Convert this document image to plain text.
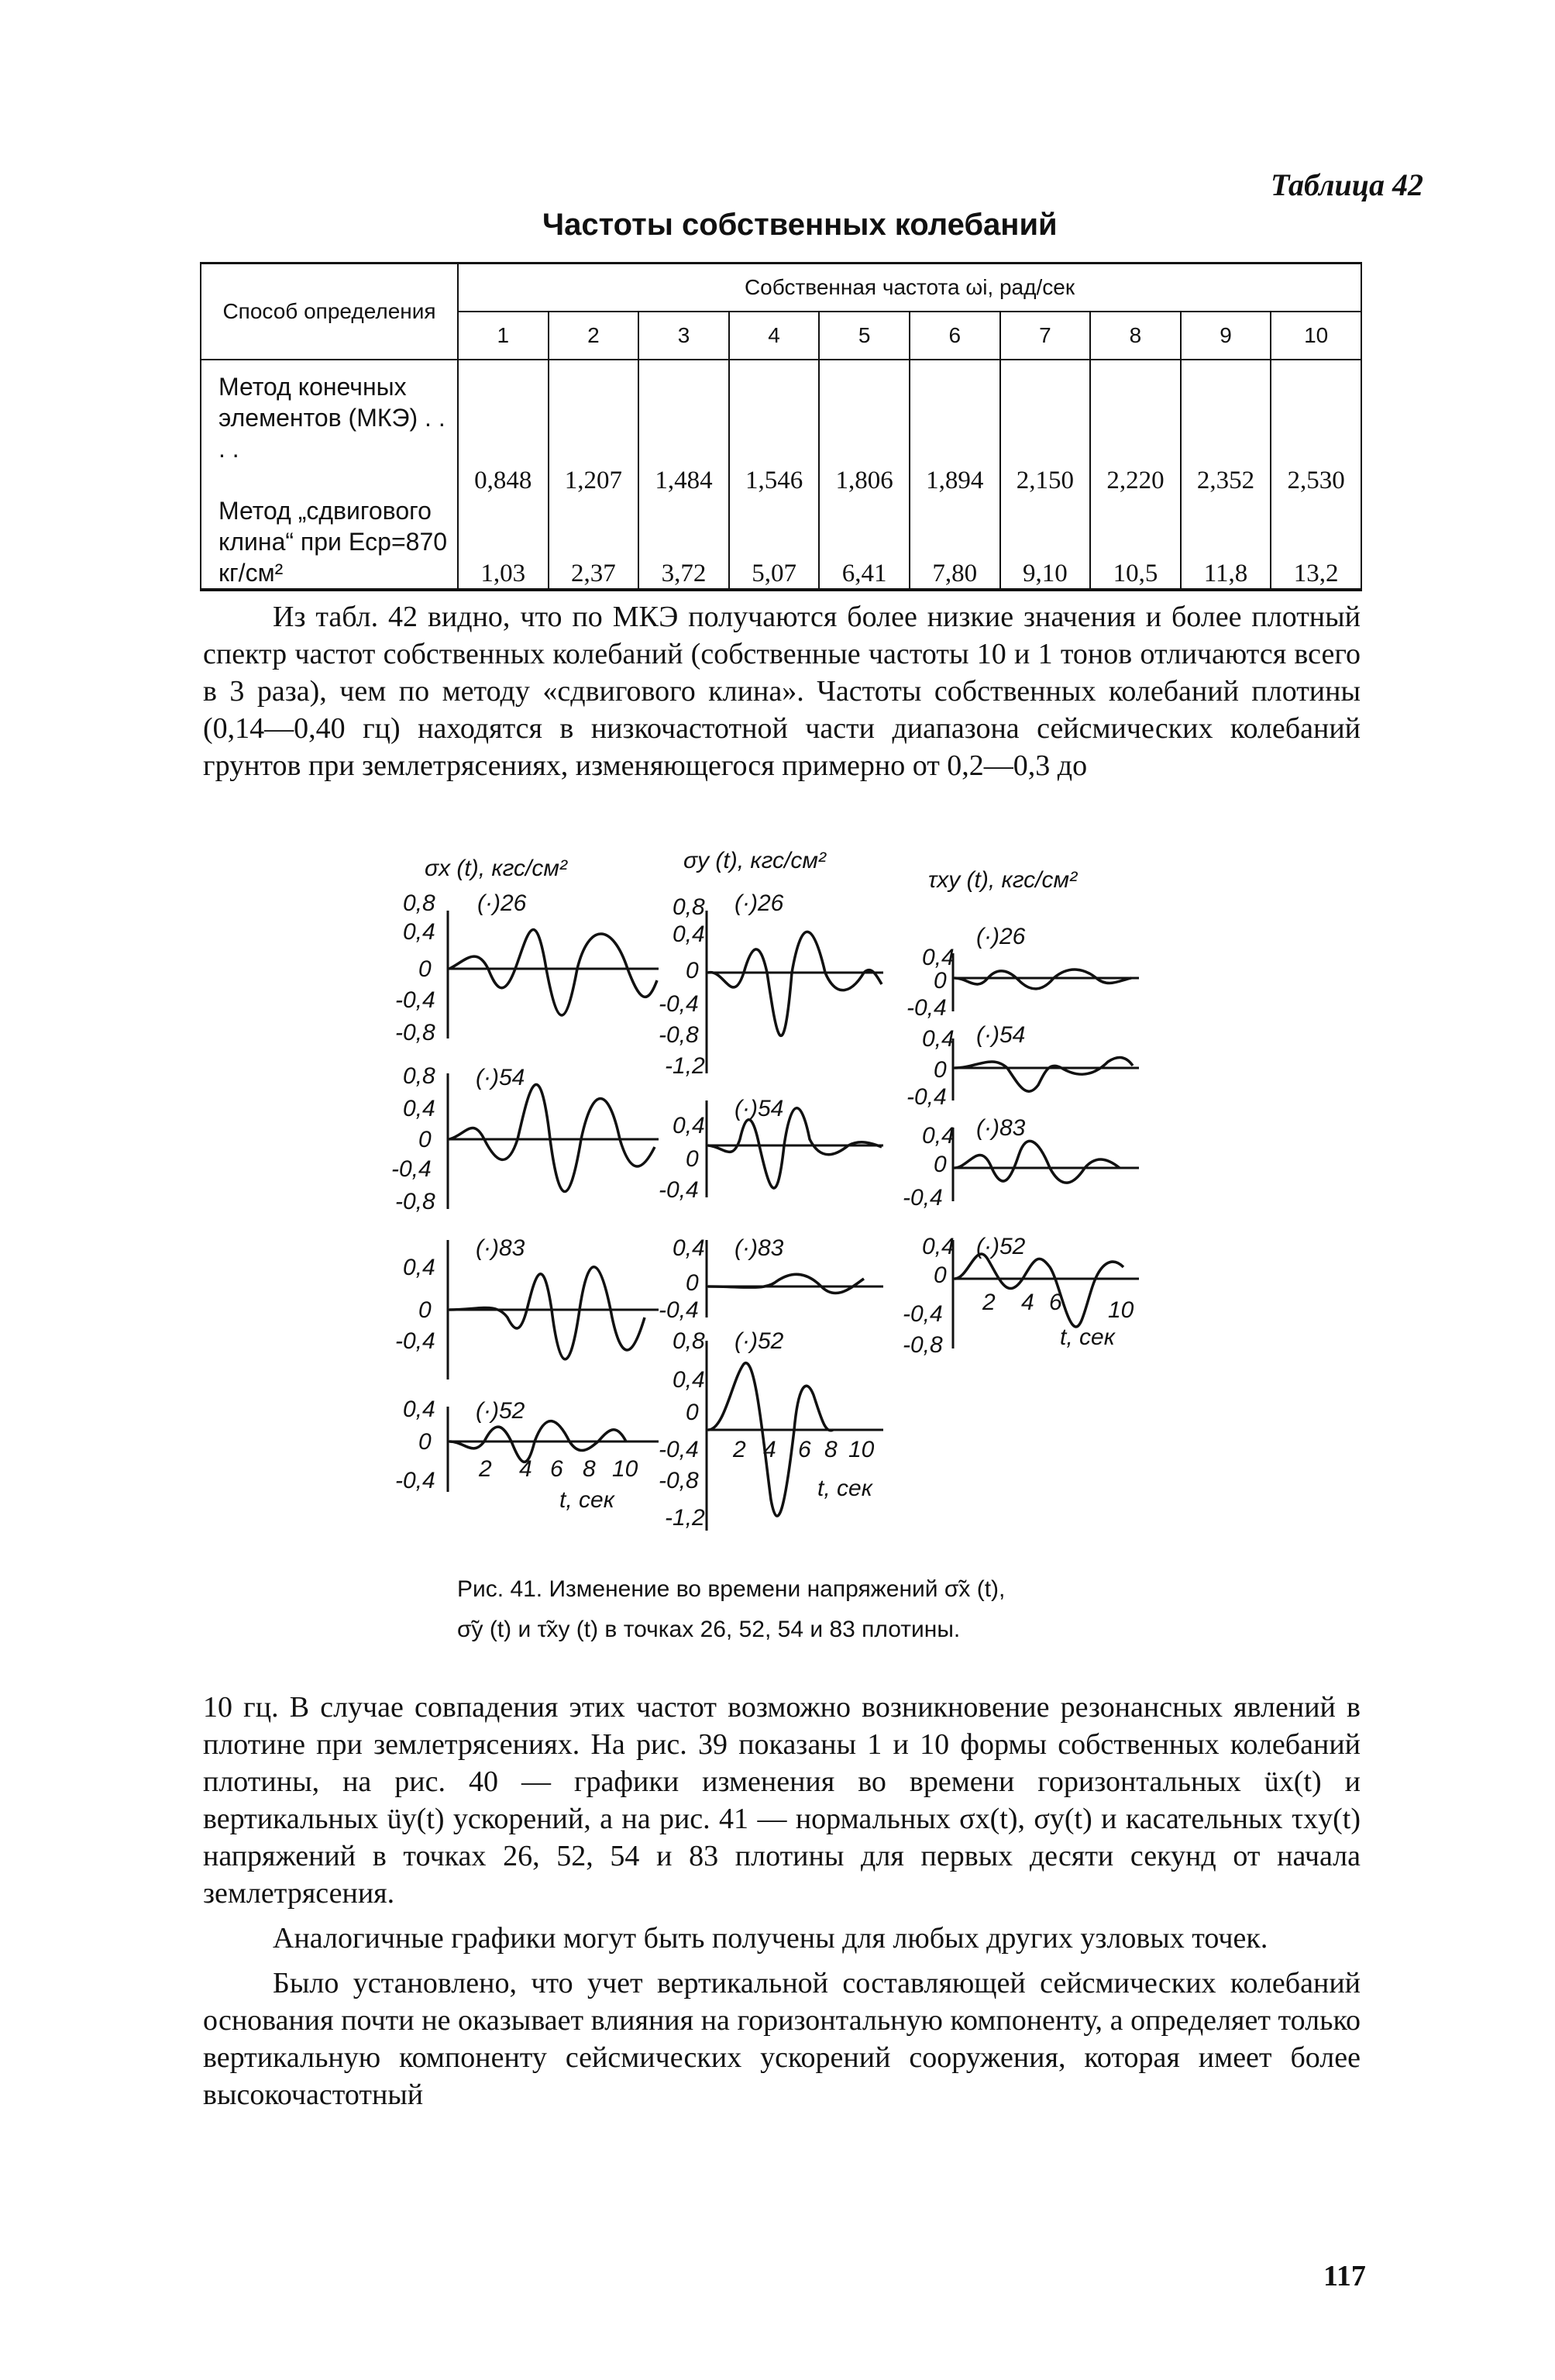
Таблица 42
Частоты собственных колебаний
Способ определения	Собственная частота ωi, рад/сек									
	1	2	3	4	5	6	7	8	9	10
Метод конечных элементов (МКЭ) . . . .	0,848	1,207	1,484	1,546	1,806	1,894	2,150	2,220	2,352	2,530
Метод „сдвигового клина“ при Eср=870 кг/см²	1,03	2,37	3,72	5,07	6,41	7,80	9,10	10,5	11,8	13,2

Из табл. 42 видно, что по МКЭ получаются более низкие значения и более плотный спектр частот собственных колебаний (собственные частоты 10 и 1 тонов отличаются всего в 3 раза), чем по методу «сдвигового клина». Частоты собственных колебаний плотины (0,14—0,40 гц) находятся в низкочастотной части диапазона сейсмических колебаний грунтов при землетрясениях, изменяющегося примерно от 0,2—0,3 до

σx (t), кгс/см²	σy (t), кгс/см²
τxy (t), кгс/см²
(·)26
(·)54
(·)83
(·)52
(·)26
(·)54
(·)83
(·)52
(·)26
(·)54
(·)83
(·)52
0,8
0,4
0
-0,4
-0,8
0,8
0,4
0
-0,4
-0,8
0,4
0
-0,4
0,4
0
-0,4
0,8
0,4
0
-0,4
-0,8
-1,2
0,4
0
-0,4
0,4
0
-0,4
0,8
0,4
0
-0,4
-0,8
-1,2
0,4
0
-0,4
0,4
0
-0,4
0,4
0
-0,4
0,4
0
-0,4
-0,8
2 4 6 8 10
t, сек
2 4 6 8 10
t, сек
2 4 6 10
t, сек
Рис. 41. Изменение во времени напряжений σ̃x (t),
σ̃y (t) и τ̃xy (t) в точках 26, 52, 54 и 83 плотины.

10 гц. В случае совпадения этих частот возможно возникновение резонансных явлений в плотине при землетрясениях. На рис. 39 показаны 1 и 10 формы собственных колебаний плотины, на рис. 40 — графики изменения во времени горизонтальных üx(t) и вертикальных üy(t) ускорений, а на рис. 41 — нормальных σx(t), σy(t) и касательных τxy(t) напряжений в точках 26, 52, 54 и 83 плотины для первых десяти секунд от начала землетрясения.

Аналогичные графики могут быть получены для любых других узловых точек.

Было установлено, что учет вертикальной составляющей сейсмических колебаний основания почти не оказывает влияния на горизонтальную компоненту, а определяет только вертикальную компоненту сейсмических ускорений сооружения, которая имеет более высокочастотный

117
